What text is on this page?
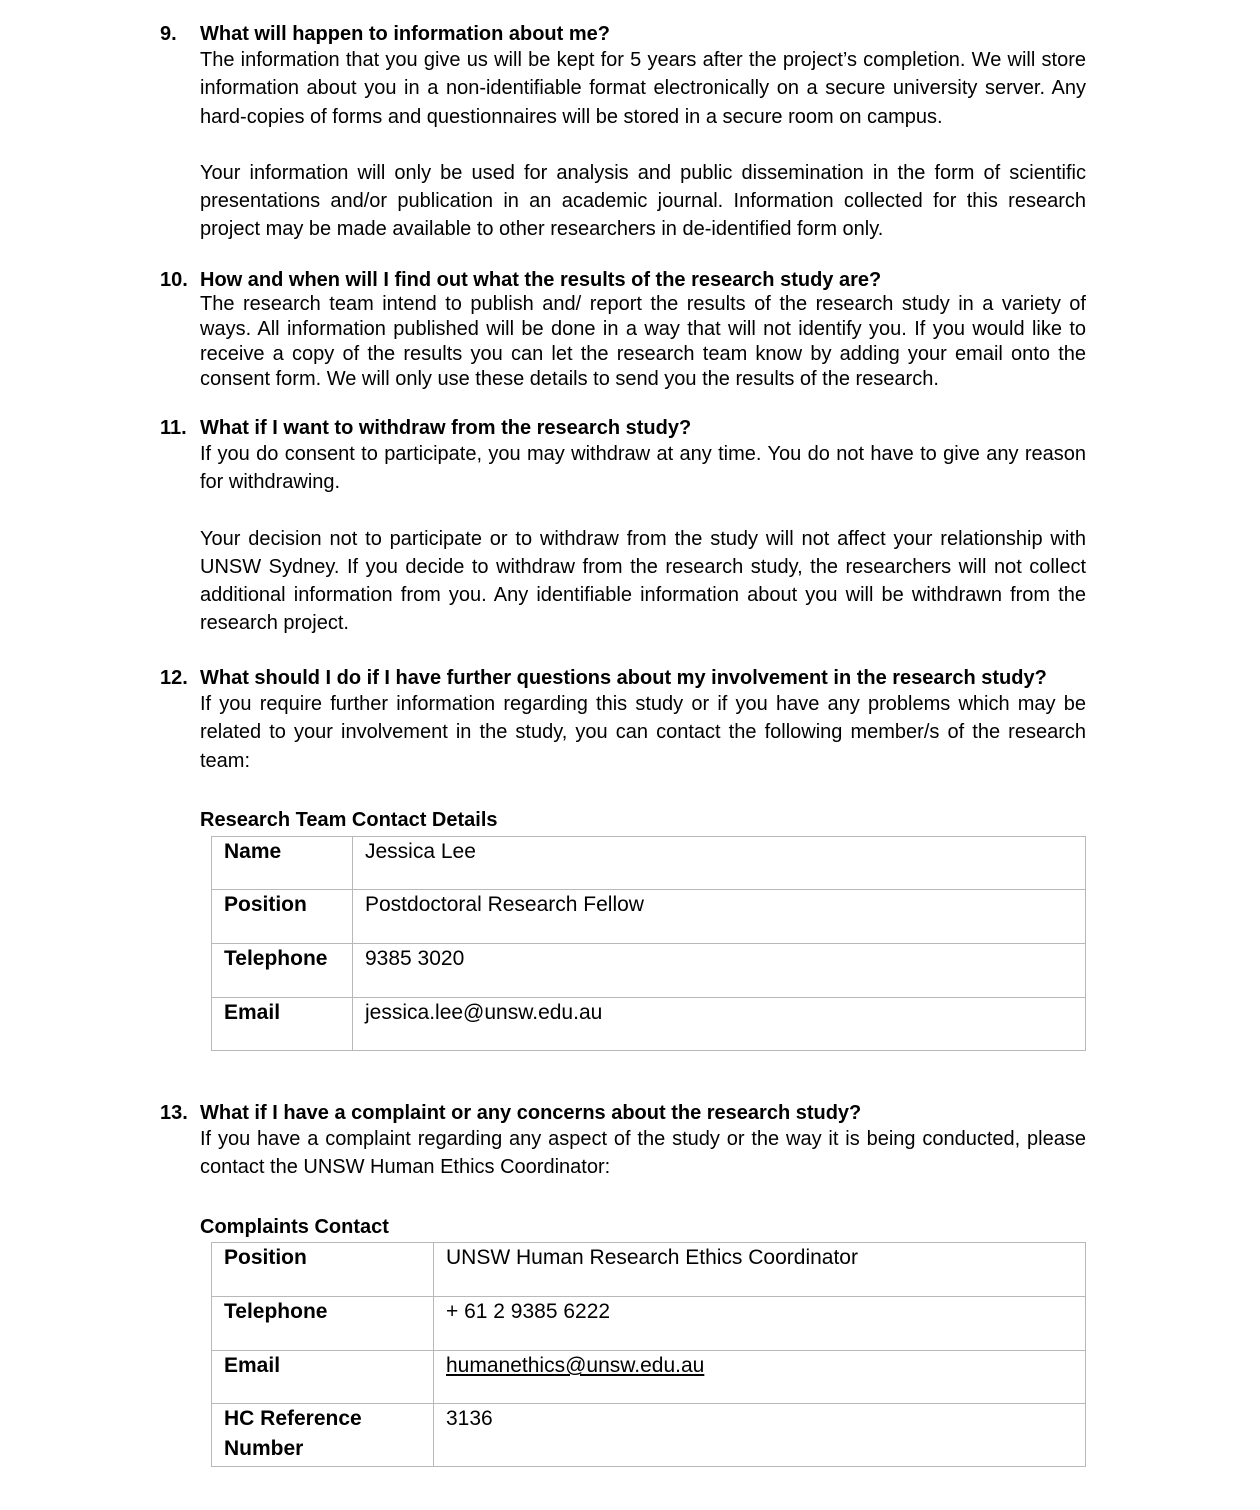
9.	What will happen to information about me?
The information that you give us will be kept for 5 years after the project’s completion. We will store information about you in a non-identifiable format electronically on a secure university server. Any hard-copies of forms and questionnaires will be stored in a secure room on campus.
Your information will only be used for analysis and public dissemination in the form of scientific presentations and/or publication in an academic journal. Information collected for this research project may be made available to other researchers in de-identified form only.
10. How and when will I find out what the results of the research study are?
The research team intend to publish and/ report the results of the research study in a variety of ways. All information published will be done in a way that will not identify you. If you would like to receive a copy of the results you can let the research team know by adding your email onto the consent form. We will only use these details to send you the results of the research.
11. What if I want to withdraw from the research study?
If you do consent to participate, you may withdraw at any time. You do not have to give any reason for withdrawing.
Your decision not to participate or to withdraw from the study will not affect your relationship with UNSW Sydney. If you decide to withdraw from the research study, the researchers will not collect additional information from you. Any identifiable information about you will be withdrawn from the research project.
12. What should I do if I have further questions about my involvement in the research study?
If you require further information regarding this study or if you have any problems which may be related to your involvement in the study, you can contact the following member/s of the research team:
Research Team Contact Details
Name	Jessica Lee
Position	Postdoctoral Research Fellow
Telephone	9385 3020
Email	jessica.lee@unsw.edu.au
13. What if I have a complaint or any concerns about the research study?
If you have a complaint regarding any aspect of the study or the way it is being conducted, please contact the UNSW Human Ethics Coordinator:
Complaints Contact
Position	UNSW Human Research Ethics Coordinator
Telephone	+ 61 2 9385 6222
Email	humanethics@unsw.edu.au
HC Reference Number	3136
